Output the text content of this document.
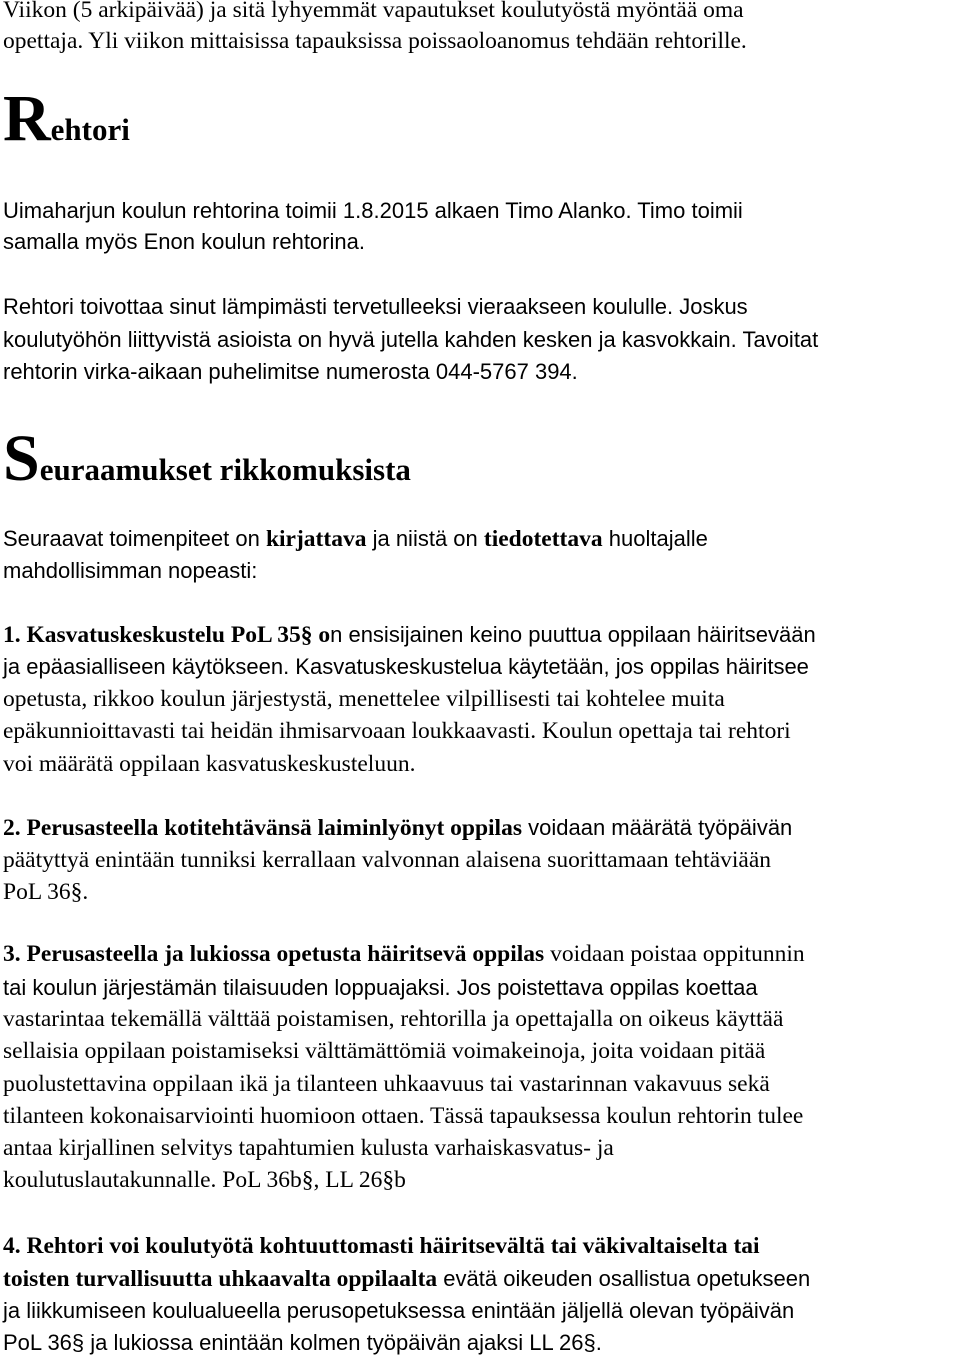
Viikon (5 arkipäivää) ja sitä lyhyemmät vapautukset koulutyöstä myöntää oma

opettaja. Yli viikon mittaisissa tapauksissa poissaoloanomus tehdään rehtorille.

Rehtori

Uimaharjun koulun rehtorina toimii 1.8.2015 alkaen Timo Alanko. Timo toimii

samalla myös Enon koulun rehtorina.

Rehtori toivottaa sinut lämpimästi tervetulleeksi vieraakseen koululle. Joskus

koulutyöhön liittyvistä asioista on hyvä jutella kahden kesken ja kasvokkain. Tavoitat

rehtorin virka-aikaan puhelimitse numerosta 044-5767 394.

Seuraamukset rikkomuksista

Seuraavat toimenpiteet on kirjattava ja niistä on tiedotettava huoltajalle

mahdollisimman nopeasti:

1. Kasvatuskeskustelu PoL 35§ on ensisijainen keino puuttua oppilaan häiritsevään

ja epäasialliseen käytökseen. Kasvatuskeskustelua käytetään, jos oppilas häiritsee

opetusta, rikkoo koulun järjestystä, menettelee vilpillisesti tai kohtelee muita

epäkunnioittavasti tai heidän ihmisarvoaan loukkaavasti. Koulun opettaja tai rehtori

voi määrätä oppilaan kasvatuskeskusteluun.

2. Perusasteella kotitehtävänsä laiminlyönyt oppilas voidaan määrätä työpäivän

päätyttyä enintään tunniksi kerrallaan valvonnan alaisena suorittamaan tehtäviään

PoL 36§.

3. Perusasteella ja lukiossa opetusta häiritsevä oppilas voidaan poistaa oppitunnin

tai koulun järjestämän tilaisuuden loppuajaksi. Jos poistettava oppilas koettaa

vastarintaa tekemällä välttää poistamisen, rehtorilla ja opettajalla on oikeus käyttää

sellaisia oppilaan poistamiseksi välttämättömiä voimakeinoja, joita voidaan pitää

puolustettavina oppilaan ikä ja tilanteen uhkaavuus tai vastarinnan vakavuus sekä

tilanteen kokonaisarviointi huomioon ottaen. Tässä tapauksessa koulun rehtorin tulee

antaa kirjallinen selvitys tapahtumien kulusta varhaiskasvatus- ja

koulutuslautakunnalle. PoL 36b§, LL 26§b

4. Rehtori voi koulutyötä kohtuuttomasti häiritsevältä tai väkivaltaiselta tai

toisten turvallisuutta uhkaavalta oppilaalta evätä oikeuden osallistua opetukseen

ja liikkumiseen koulualueella perusopetuksessa enintään jäljellä olevan työpäivän

PoL 36§ ja lukiossa enintään kolmen työpäivän ajaksi LL 26§.
